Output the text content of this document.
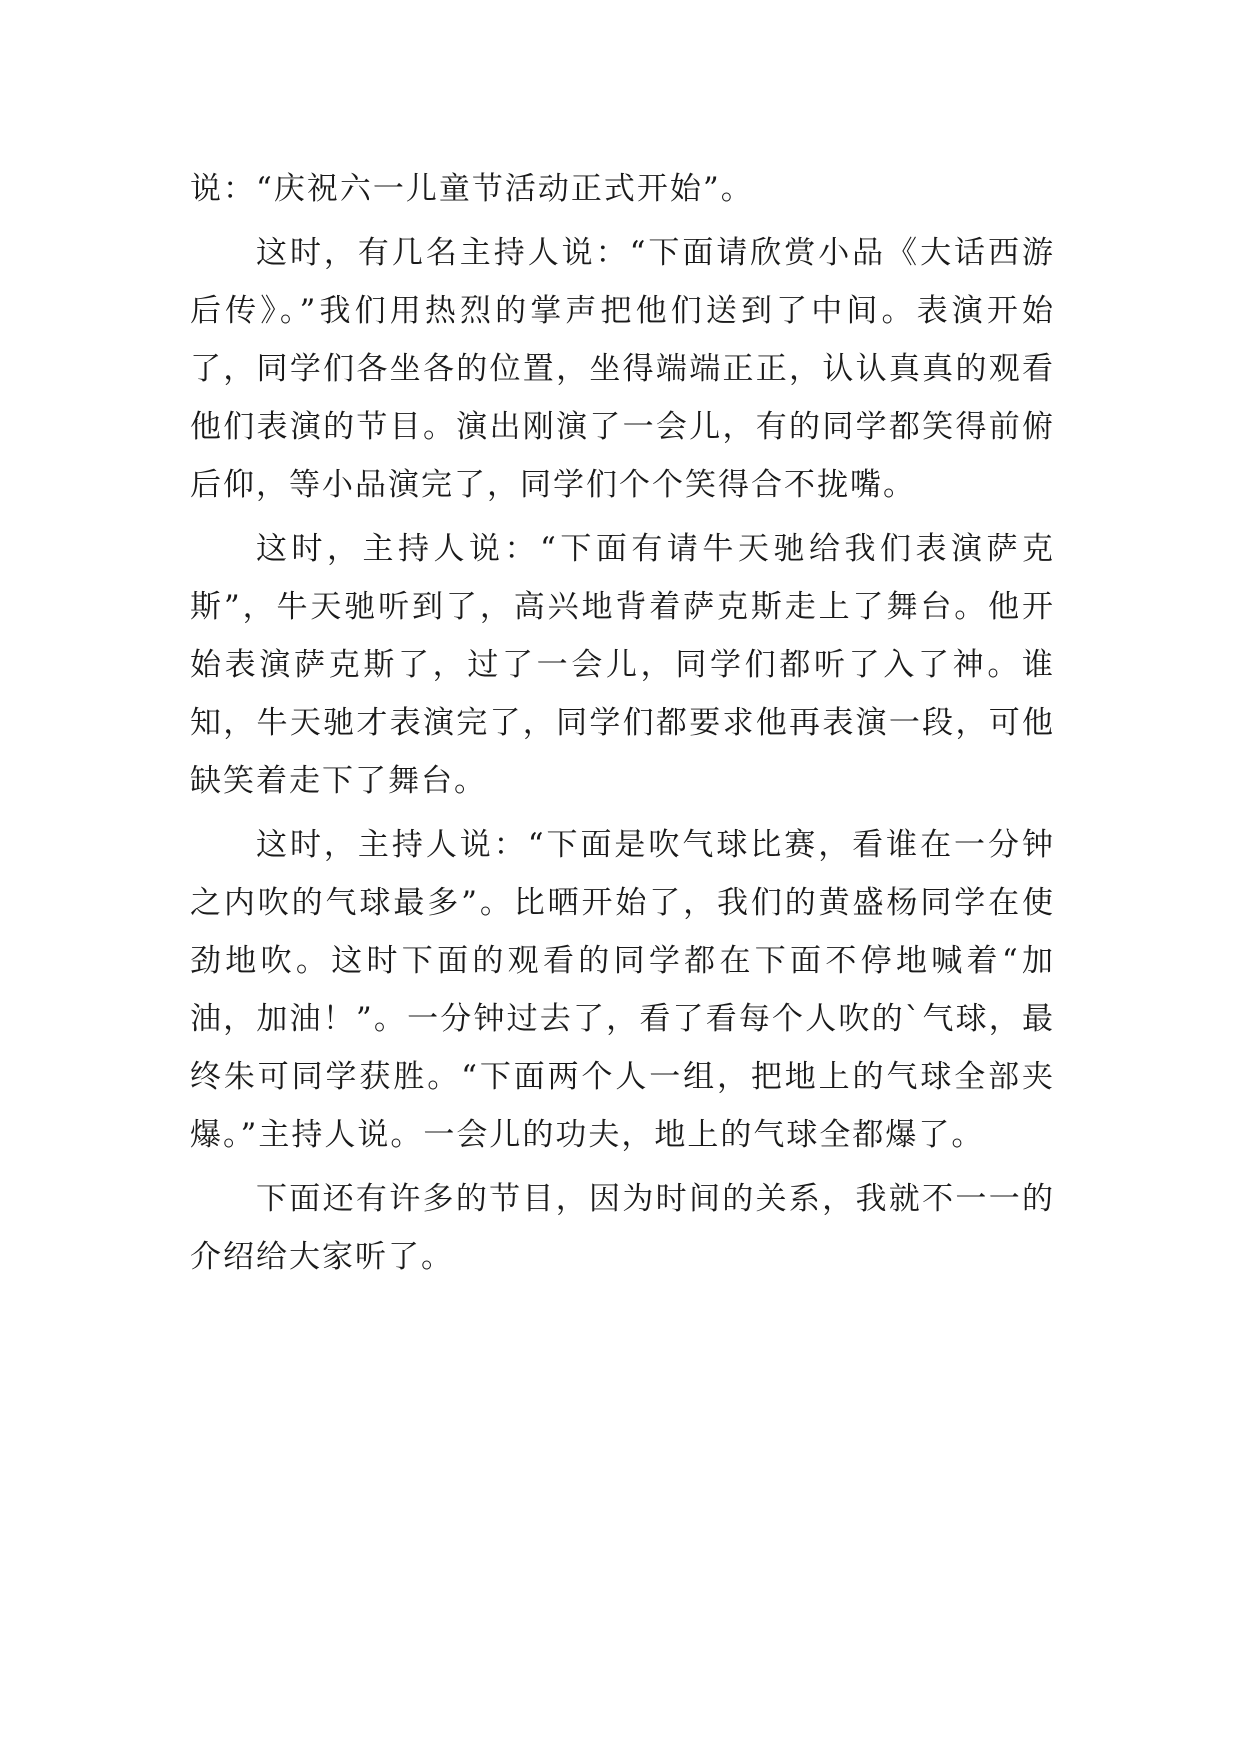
说：“庆祝六一儿童节活动正式开始”。

这时，有几名主持人说：“下面请欣赏小品《大话西游后传》。”我们用热烈的掌声把他们送到了中间。表演开始了，同学们各坐各的位置，坐得端端正正，认认真真的观看他们表演的节目。演出刚演了一会儿，有的同学都笑得前俯后仰，等小品演完了，同学们个个笑得合不拢嘴。

这时，主持人说：“下面有请牛天驰给我们表演萨克斯”，牛天驰听到了，高兴地背着萨克斯走上了舞台。他开始表演萨克斯了，过了一会儿，同学们都听了入了神。谁知，牛天驰才表演完了，同学们都要求他再表演一段，可他缺笑着走下了舞台。

这时，主持人说：“下面是吹气球比赛，看谁在一分钟之内吹的气球最多”。比晒开始了，我们的黄盛杨同学在使劲地吹。这时下面的观看的同学都在下面不停地喊着“加油，加油！”。一分钟过去了，看了看每个人吹的`气球，最终朱可同学获胜。“下面两个人一组，把地上的气球全部夹爆。”主持人说。一会儿的功夫，地上的气球全都爆了。

下面还有许多的节目，因为时间的关系，我就不一一的介绍给大家听了。
